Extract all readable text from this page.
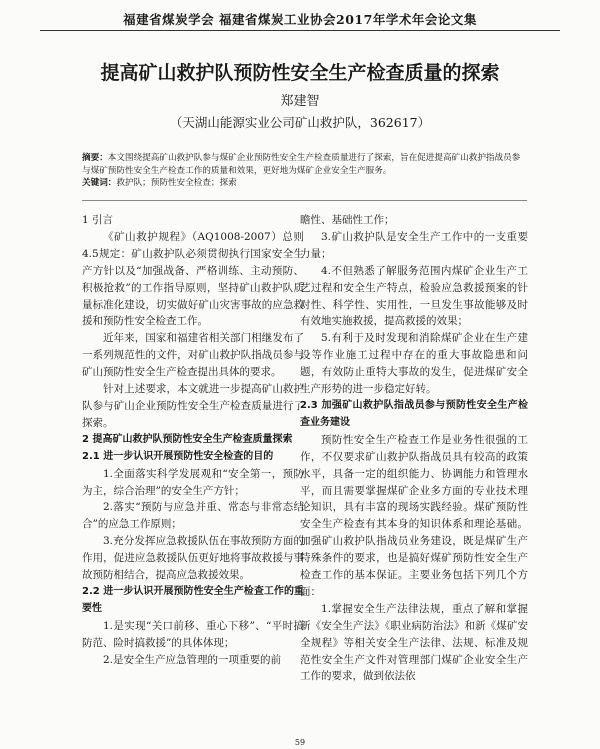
福建省煤炭学会 福建省煤炭工业协会2017年学术年会论文集
提高矿山救护队预防性安全生产检查质量的探索
郑建智
（天湖山能源实业公司矿山救护队，362617）
摘要：本文围绕提高矿山救护队参与煤矿企业预防性安全生产检查质量进行了探索，旨在促进提高矿山救护指战员参与煤矿预防性安全生产检查工作的质量和效果，更好地为煤矿企业安全生产服务。
关键词：救护队；预防性安全检查；探索

1 引言

《矿山救护规程》（AQ1008-2007）总则4.5规定：矿山救护队必须贯彻执行国家安全生产方针以及“加强战备、严格训练、主动预防、积极抢救”的工作指导原则，坚持矿山救护队质量标准化建设，切实做好矿山灾害事故的应急救援和预防性安全检查工作。

近年来，国家和福建省相关部门相继发布了一系列规范性的文件，对矿山救护队指战员参与矿山预防性安全生产检查提出具体的要求。

针对上述要求，本文就进一步提高矿山救护队参与矿山企业预防性安全生产检查质量进行了探索。

2 提高矿山救护队预防性安全生产检查质量探索

2.1 进一步认识开展预防性安全检查的目的

1.全面落实科学发展观和“安全第一，预防为主，综合治理”的安全生产方针；

2.落实“预防与应急并重、常态与非常态结合”的应急工作原则；

3.充分发挥应急救援队伍在事故预防方面的作用，促进应急救援队伍更好地将事故救援与事故预防相结合，提高应急救援效果。

2.2 进一步认识开展预防性安全生产检查工作的重要性

1.是实现“关口前移、重心下移”、“平时搞防范、险时搞救援”的具体体现；

2.是安全生产应急管理的一项重要的前

瞻性、基础性工作；

3.矿山救护队是安全生产工作中的一支重要力量；

4.不但熟悉了解服务范围内煤矿企业生产工艺过程和安全生产特点，检验应急救援预案的针对性、科学性、实用性，一旦发生事故能够及时有效地实施救援，提高救援的效果；

5.有利于及时发现和消除煤矿企业在生产建设等作业施工过程中存在的重大事故隐患和问题，有效防止重特大事故的发生，促进煤矿安全生产形势的进一步稳定好转。

2.3 加强矿山救护队指战员参与预防性安全生产检查业务建设

预防性安全生产检查工作是业务性很强的工作，不仅要求矿山救护队指战员具有较高的政策水平，具备一定的组织能力、协调能力和管理水平，而且需要掌握煤矿企业多方面的专业技术理论知识，具有丰富的现场实践经验。煤矿预防性安全生产检查有其本身的知识体系和理论基础。加强矿山救护队指战员业务建设，既是煤矿生产特殊条件的要求，也是搞好煤矿预防性安全生产检查工作的基本保证。主要业务包括下列几个方面：

1.掌握安全生产法律法规，重点了解和掌握新《安全生产法》《职业病防治法》和新《煤矿安全规程》等相关安全生产法律、法规、标准及规范性安全生产文件对管理部门煤矿企业安全生产工作的要求，做到依法依

59
